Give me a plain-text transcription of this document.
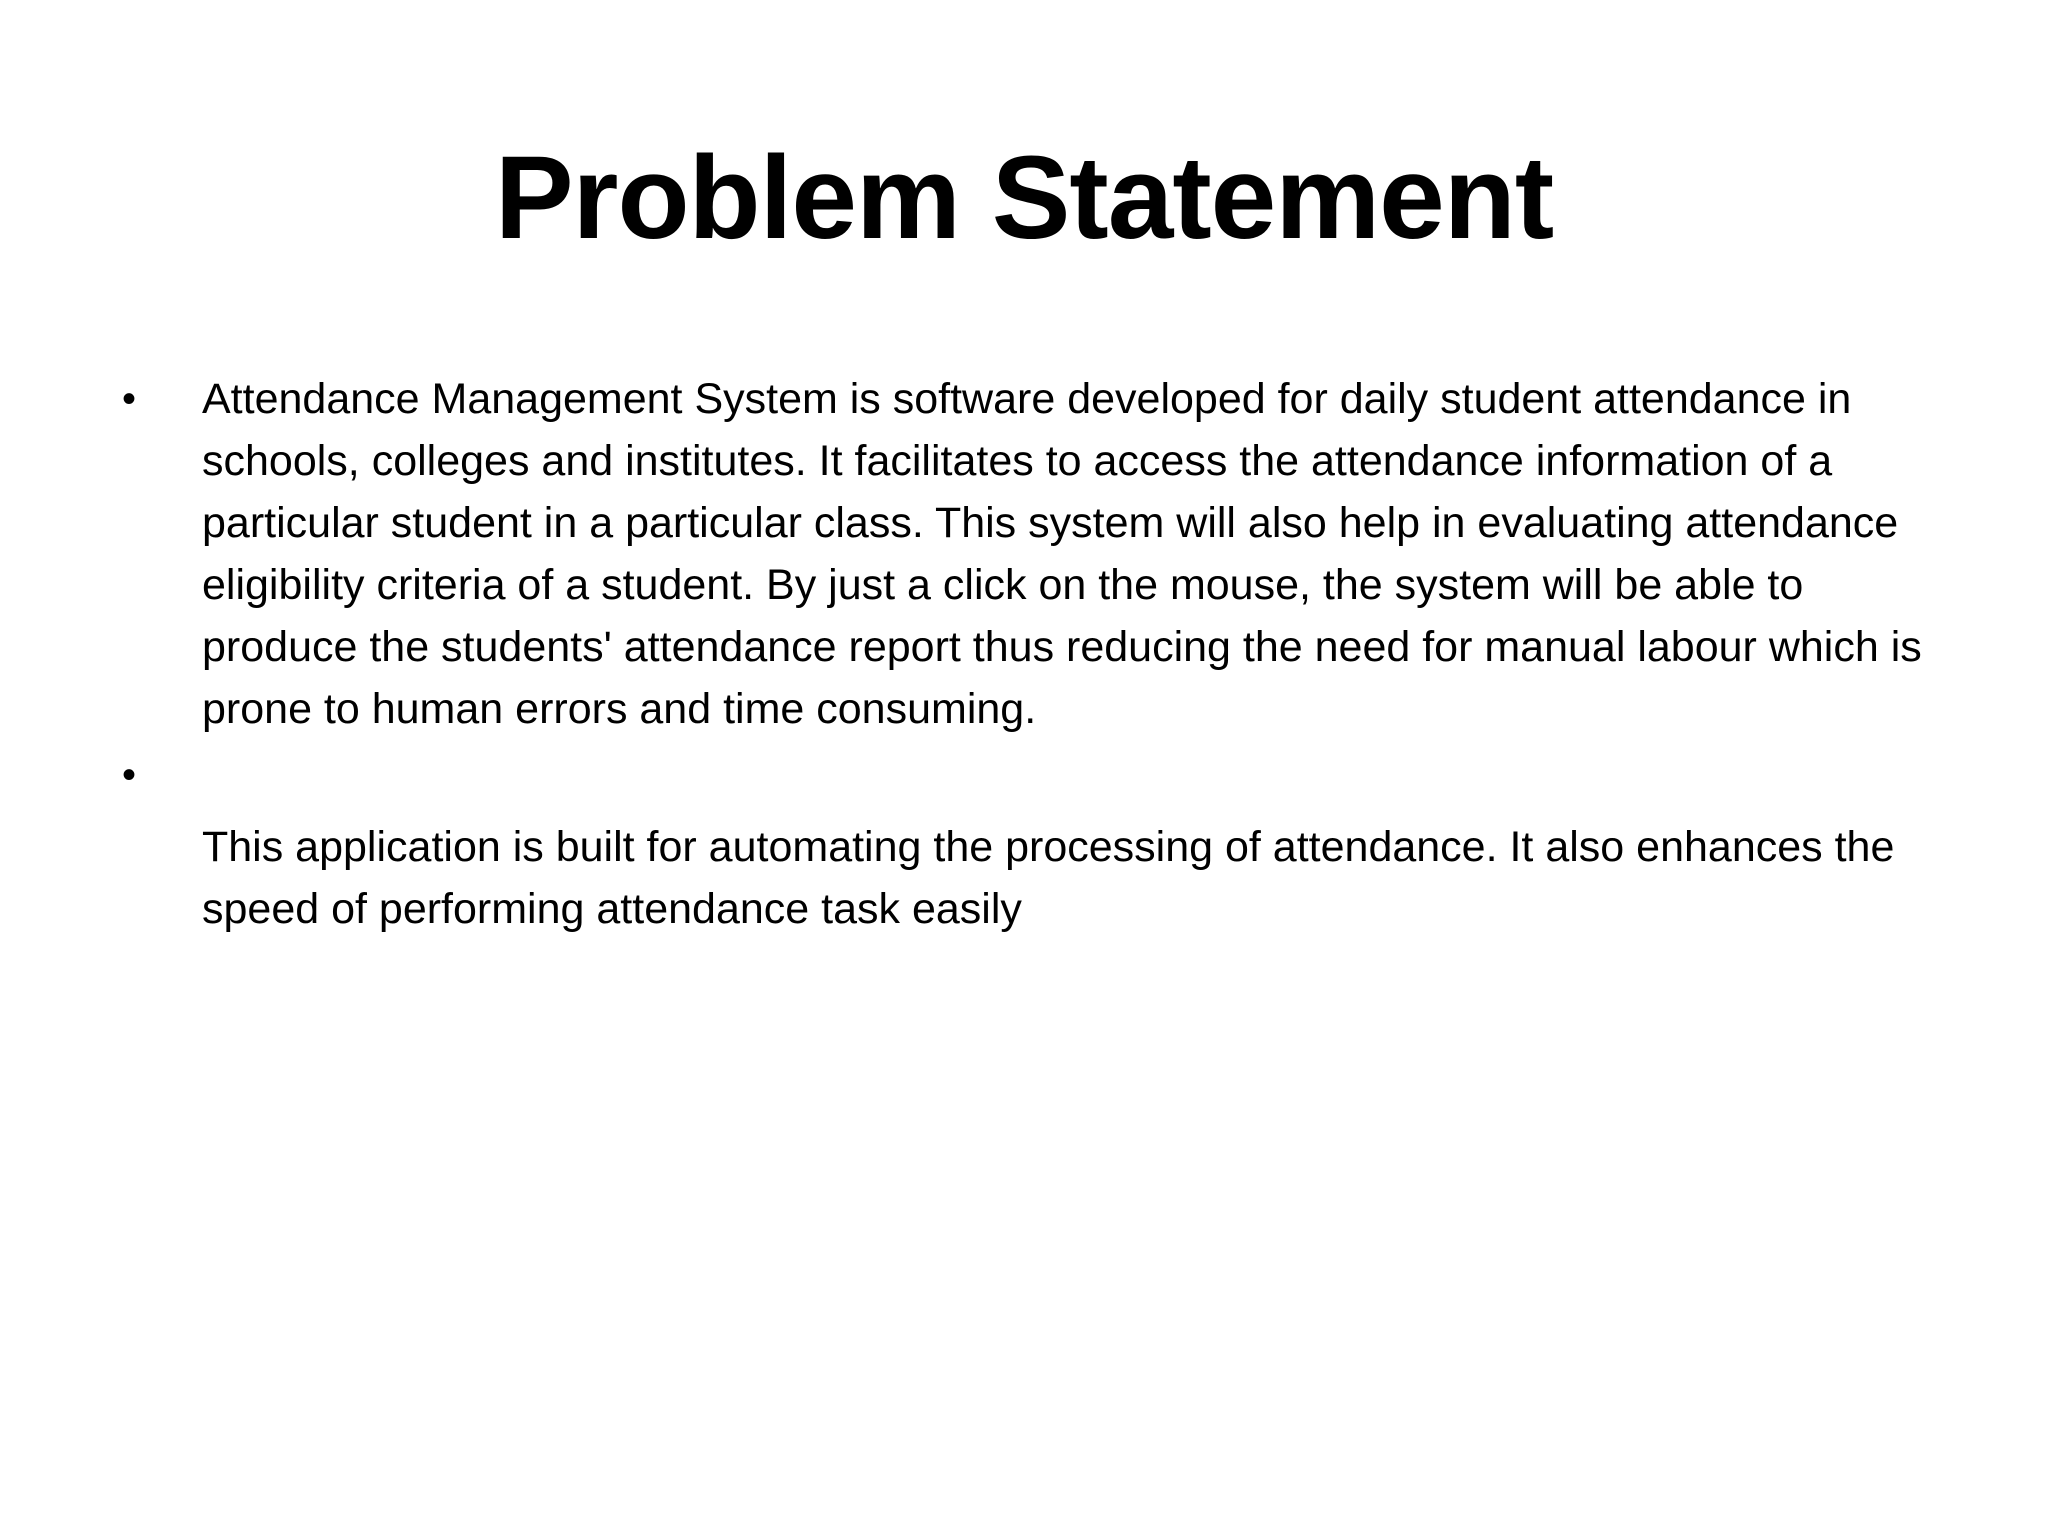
Problem Statement
•	Attendance Management System is software developed for daily student attendance in schools, colleges and institutes. It facilitates to access the attendance information of a particular student in a particular class. This system will also help in evaluating attendance eligibility criteria of a student. By just a click on the mouse, the system will be able to produce the students' attendance report thus reducing the need for manual labour which is prone to human errors and time consuming.
•
This application is built for automating the processing of attendance. It also enhances the speed of performing attendance task easily
